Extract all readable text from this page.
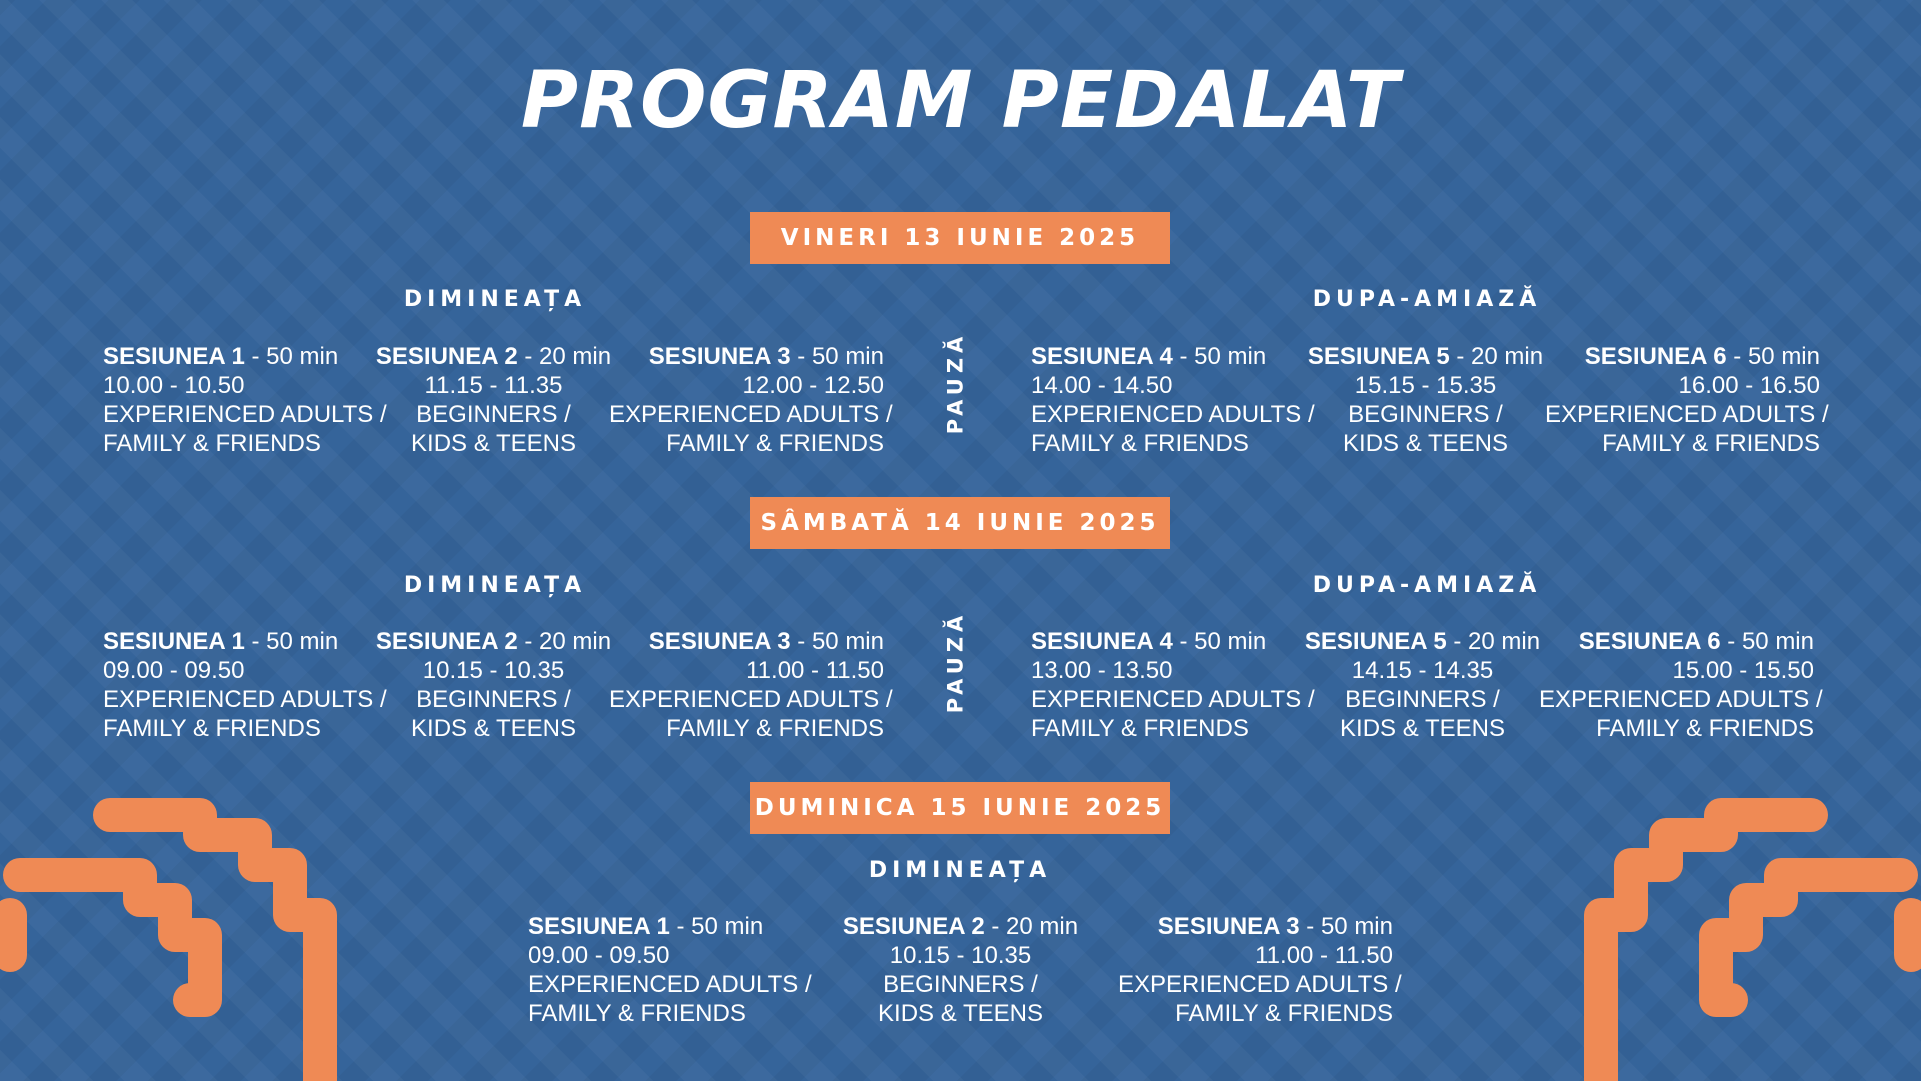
PROGRAM PEDALAT
VINERI 13 IUNIE 2025
DIMINEAȚA	DUPA-AMIAZĂ
PAUZĂ
SESIUNEA 1 - 50 min
10.00 - 10.50
EXPERIENCED ADULTS /
FAMILY & FRIENDS
SESIUNEA 2 - 20 min
11.15 - 11.35
BEGINNERS /
KIDS & TEENS
SESIUNEA 3 - 50 min
12.00 - 12.50
EXPERIENCED ADULTS /
FAMILY & FRIENDS
SESIUNEA 4 - 50 min
14.00 - 14.50
EXPERIENCED ADULTS /
FAMILY & FRIENDS
SESIUNEA 5 - 20 min
15.15 - 15.35
BEGINNERS /
KIDS & TEENS
SESIUNEA 6 - 50 min
16.00 - 16.50
EXPERIENCED ADULTS /
FAMILY & FRIENDS
SÂMBATĂ 14 IUNIE 2025
DIMINEAȚA	DUPA-AMIAZĂ
PAUZĂ
SESIUNEA 1 - 50 min
09.00 - 09.50
EXPERIENCED ADULTS /
FAMILY & FRIENDS
SESIUNEA 2 - 20 min
10.15 - 10.35
BEGINNERS /
KIDS & TEENS
SESIUNEA 3 - 50 min
11.00 - 11.50
EXPERIENCED ADULTS /
FAMILY & FRIENDS
SESIUNEA 4 - 50 min
13.00 - 13.50
EXPERIENCED ADULTS /
FAMILY & FRIENDS
SESIUNEA 5 - 20 min
14.15 - 14.35
BEGINNERS /
KIDS & TEENS
SESIUNEA 6 - 50 min
15.00 - 15.50
EXPERIENCED ADULTS /
FAMILY & FRIENDS
DUMINICA 15 IUNIE 2025
DIMINEAȚA
SESIUNEA 1 - 50 min
09.00 - 09.50
EXPERIENCED ADULTS /
FAMILY & FRIENDS
SESIUNEA 2 - 20 min
10.15 - 10.35
BEGINNERS /
KIDS & TEENS
SESIUNEA 3 - 50 min
11.00 - 11.50
EXPERIENCED ADULTS /
FAMILY & FRIENDS
